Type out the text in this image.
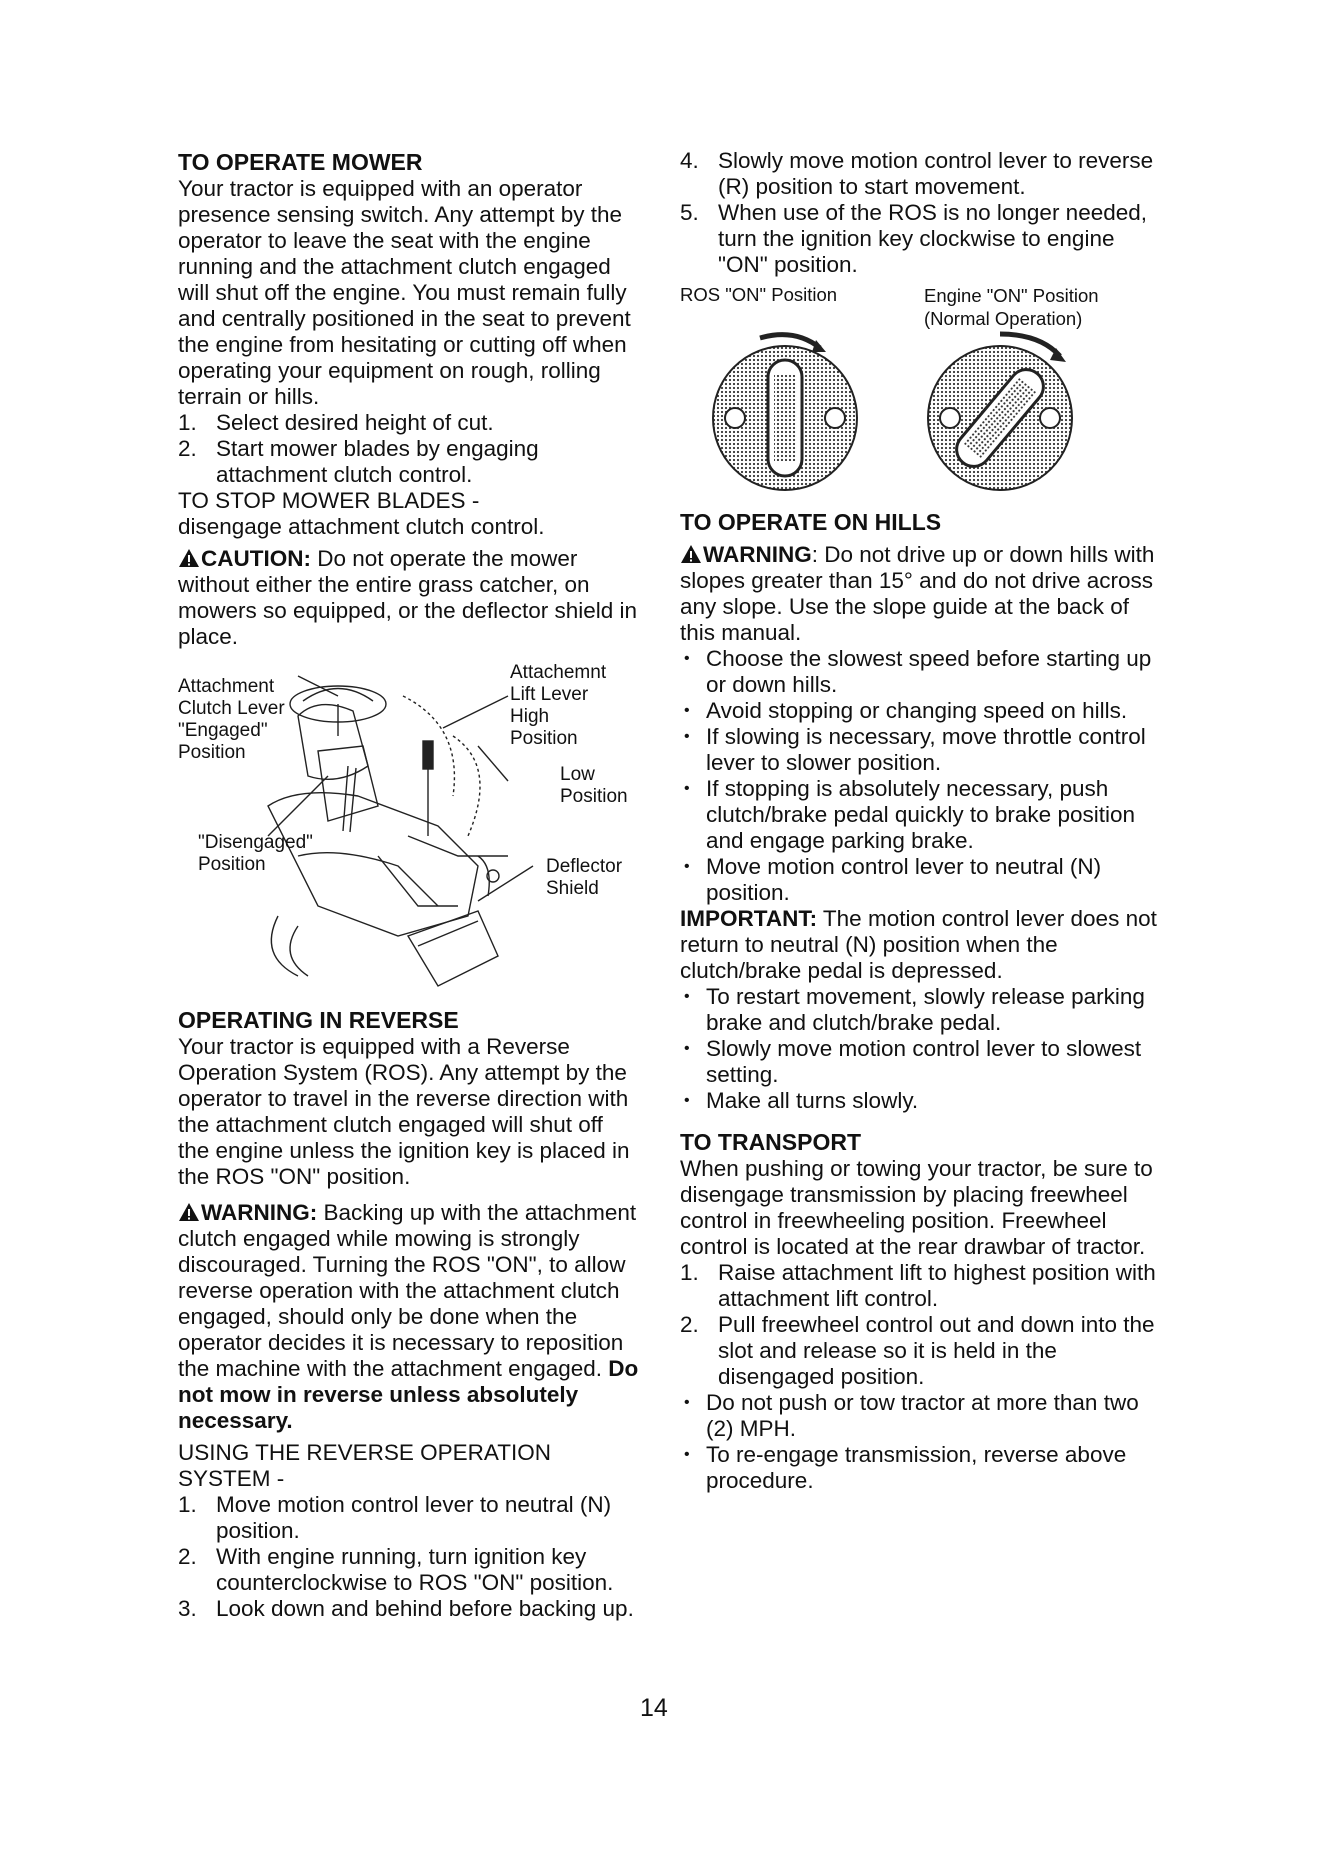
TO OPERATE MOWER

Your tractor is equipped with an operator presence sensing switch. Any attempt by the operator to leave the seat with the engine running and the attachment clutch engaged will shut off the engine. You must remain fully and centrally positioned in the seat to prevent the engine from hesitating or cutting off when operating your equipment on rough, rolling terrain or hills.

1. Select desired height of cut.
2. Start mower blades by engaging attachment clutch control.

TO STOP MOWER BLADES -

disengage attachment clutch control.

CAUTION: Do not operate the mower without either the entire grass catcher, on mowers so equipped, or the deflector shield in place.

Attachment
Clutch Lever
"Engaged"
Position
Attachemnt
Lift Lever
High
Position
Low
Position
"Disengaged"
Position	Deflector
Shield

OPERATING IN REVERSE

Your tractor is equipped with a Reverse Operation System (ROS). Any attempt by the operator to travel in the reverse direction with the attachment clutch engaged will shut off the engine unless the ignition key is placed in the ROS "ON" position.

WARNING: Backing up with the attachment clutch engaged while mowing is strongly discouraged. Turning the ROS "ON", to allow reverse operation with the attachment clutch engaged, should only be done when the operator decides it is necessary to reposition the machine with the attachment engaged. Do not mow in reverse unless absolutely necessary.

USING THE REVERSE OPERATION SYSTEM -

1. Move motion control lever to neutral (N) position.
2. With engine running, turn ignition key counterclockwise to ROS "ON" position.
3. Look down and behind before backing up.
4. Slowly move motion control lever to reverse (R) position to start movement.
5. When use of the ROS is no longer needed, turn the ignition key clockwise to engine "ON" position.
ROS "ON" Position	Engine "ON" Position
(Normal Operation)

TO OPERATE ON HILLS

WARNING: Do not drive up or down hills with slopes greater than 15° and do not drive across any slope. Use the slope guide at the back of this manual.

• Choose the slowest speed before starting up or down hills.
• Avoid stopping or changing speed on hills.
• If slowing is necessary, move throttle control lever to slower position.
• If stopping is absolutely necessary, push clutch/brake pedal quickly to brake position and engage parking brake.
• Move motion control lever to neutral (N) position.

IMPORTANT: The motion control lever does not return to neutral (N) position when the clutch/brake pedal is depressed.

• To restart movement, slowly release parking brake and clutch/brake pedal.
• Slowly move motion control lever to slowest setting.
• Make all turns slowly.

TO TRANSPORT

When pushing or towing your tractor, be sure to disengage transmission by placing freewheel control in freewheeling position. Freewheel control is located at the rear drawbar of tractor.

1. Raise attachment lift to highest position with attachment lift control.
2. Pull freewheel control out and down into the slot and release so it is held in the disengaged position.
• Do not push or tow tractor at more than two (2) MPH.
• To re-engage transmission, reverse above procedure.
14
